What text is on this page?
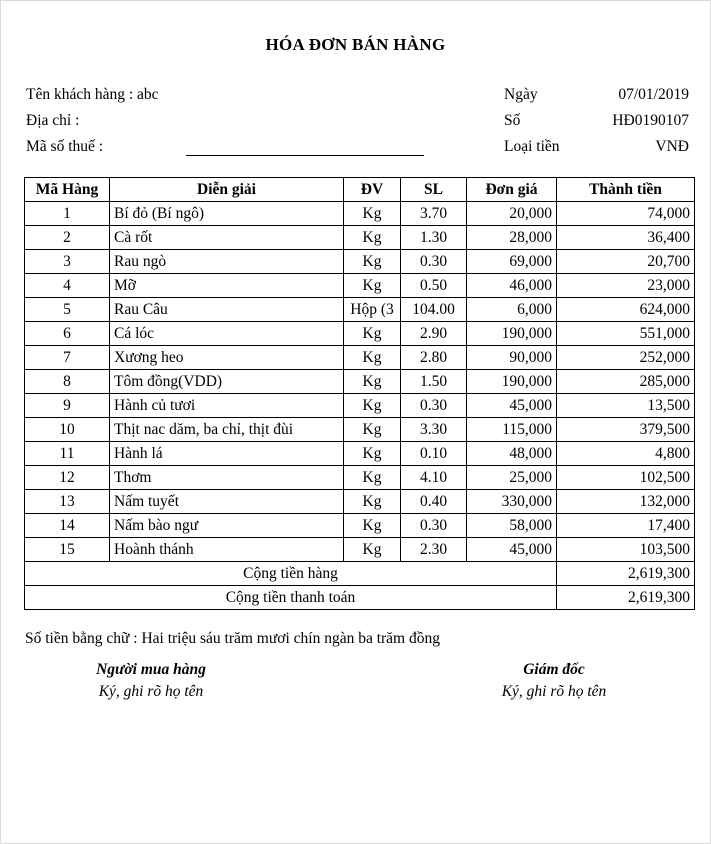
HÓA ĐƠN BÁN HÀNG
Tên khách hàng : abc
Địa chỉ :
Mã số thuế :
Ngày	07/01/2019
Số	HĐ0190107
Loại tiền	VNĐ
Mã Hàng	Diễn giải	ĐV	SL	Đơn giá	Thành tiền
1	Bí đỏ (Bí ngô)	Kg	3.70	20,000	74,000
2	Cà rốt	Kg	1.30	28,000	36,400
3	Rau ngò	Kg	0.30	69,000	20,700
4	Mỡ	Kg	0.50	46,000	23,000
5	Rau Câu	Hộp (3	104.00	6,000	624,000
6	Cá lóc	Kg	2.90	190,000	551,000
7	Xương heo	Kg	2.80	90,000	252,000
8	Tôm đồng(VDD)	Kg	1.50	190,000	285,000
9	Hành củ tươi	Kg	0.30	45,000	13,500
10	Thịt nac dăm, ba chỉ, thịt đùi	Kg	3.30	115,000	379,500
11	Hành lá	Kg	0.10	48,000	4,800
12	Thơm	Kg	4.10	25,000	102,500
13	Nấm tuyết	Kg	0.40	330,000	132,000
14	Nấm bào ngư	Kg	0.30	58,000	17,400
15	Hoành thánh	Kg	2.30	45,000	103,500
Cộng tiền hàng					2,619,300
Cộng tiền thanh toán					2,619,300
Số tiền bằng chữ : Hai triệu sáu trăm mươi chín ngàn ba trăm đồng
Người mua hàng
Ký, ghi rõ họ tên
Giám đốc
Ký, ghi rõ họ tên
